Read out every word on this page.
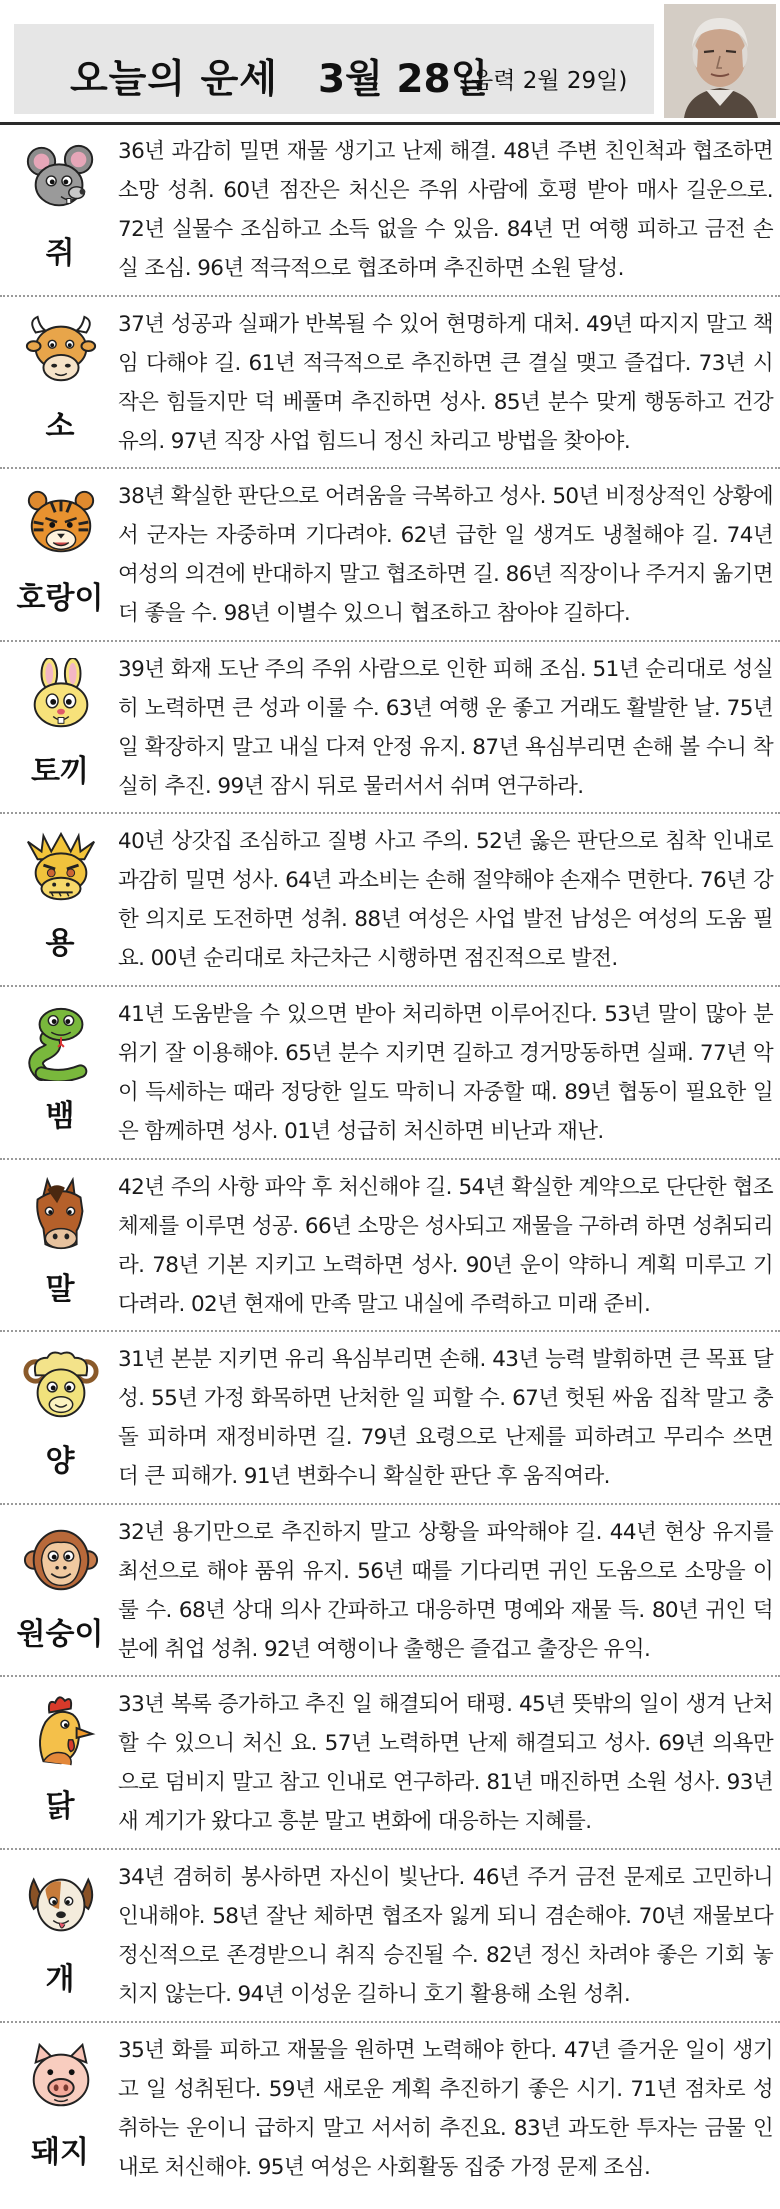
오늘의 운세 3월 28일
(음력 2월 29일)
쥐
36년 과감히 밀면 재물 생기고 난제 해결. 48년 주변 친인척과 협조하면 소망 성취. 60년 점잔은 처신은 주위 사람에 호평 받아 매사 길운으로. 72년 실물수 조심하고 소득 없을 수 있음. 84년 먼 여행 피하고 금전 손실 조심. 96년 적극적으로 협조하며 추진하면 소원 달성.
소
37년 성공과 실패가 반복될 수 있어 현명하게 대처. 49년 따지지 말고 책임 다해야 길. 61년 적극적으로 추진하면 큰 결실 맺고 즐겁다. 73년 시작은 힘들지만 덕 베풀며 추진하면 성사. 85년 분수 맞게 행동하고 건강 유의. 97년 직장 사업 힘드니 정신 차리고 방법을 찾아야.
호랑이
38년 확실한 판단으로 어려움을 극복하고 성사. 50년 비정상적인 상황에서 군자는 자중하며 기다려야. 62년 급한 일 생겨도 냉철해야 길. 74년 여성의 의견에 반대하지 말고 협조하면 길. 86년 직장이나 주거지 옮기면 더 좋을 수. 98년 이별수 있으니 협조하고 참아야 길하다.
토끼
39년 화재 도난 주의 주위 사람으로 인한 피해 조심. 51년 순리대로 성실히 노력하면 큰 성과 이룰 수. 63년 여행 운 좋고 거래도 활발한 날. 75년 일 확장하지 말고 내실 다져 안정 유지. 87년 욕심부리면 손해 볼 수니 착실히 추진. 99년 잠시 뒤로 물러서서 쉬며 연구하라.
용
40년 상갓집 조심하고 질병 사고 주의. 52년 옳은 판단으로 침착 인내로 과감히 밀면 성사. 64년 과소비는 손해 절약해야 손재수 면한다. 76년 강한 의지로 도전하면 성취. 88년 여성은 사업 발전 남성은 여성의 도움 필요. 00년 순리대로 차근차근 시행하면 점진적으로 발전.
뱀
41년 도움받을 수 있으면 받아 처리하면 이루어진다. 53년 말이 많아 분위기 잘 이용해야. 65년 분수 지키면 길하고 경거망동하면 실패. 77년 악이 득세하는 때라 정당한 일도 막히니 자중할 때. 89년 협동이 필요한 일은 함께하면 성사. 01년 성급히 처신하면 비난과 재난.
말
42년 주의 사항 파악 후 처신해야 길. 54년 확실한 계약으로 단단한 협조체제를 이루면 성공. 66년 소망은 성사되고 재물을 구하려 하면 성취되리라. 78년 기본 지키고 노력하면 성사. 90년 운이 약하니 계획 미루고 기다려라. 02년 현재에 만족 말고 내실에 주력하고 미래 준비.
양
31년 본분 지키면 유리 욕심부리면 손해. 43년 능력 발휘하면 큰 목표 달성. 55년 가정 화목하면 난처한 일 피할 수. 67년 헛된 싸움 집착 말고 충돌 피하며 재정비하면 길. 79년 요령으로 난제를 피하려고 무리수 쓰면 더 큰 피해가. 91년 변화수니 확실한 판단 후 움직여라.
원숭이
32년 용기만으로 추진하지 말고 상황을 파악해야 길. 44년 현상 유지를 최선으로 해야 품위 유지. 56년 때를 기다리면 귀인 도움으로 소망을 이룰 수. 68년 상대 의사 간파하고 대응하면 명예와 재물 득. 80년 귀인 덕분에 취업 성취. 92년 여행이나 출행은 즐겁고 출장은 유익.
닭
33년 복록 증가하고 추진 일 해결되어 태평. 45년 뜻밖의 일이 생겨 난처할 수 있으니 처신 요. 57년 노력하면 난제 해결되고 성사. 69년 의욕만으로 덤비지 말고 참고 인내로 연구하라. 81년 매진하면 소원 성사. 93년 새 계기가 왔다고 흥분 말고 변화에 대응하는 지혜를.
개
34년 겸허히 봉사하면 자신이 빛난다. 46년 주거 금전 문제로 고민하니 인내해야. 58년 잘난 체하면 협조자 잃게 되니 겸손해야. 70년 재물보다 정신적으로 존경받으니 취직 승진될 수. 82년 정신 차려야 좋은 기회 놓치지 않는다. 94년 이성운 길하니 호기 활용해 소원 성취.
돼지
35년 화를 피하고 재물을 원하면 노력해야 한다. 47년 즐거운 일이 생기고 일 성취된다. 59년 새로운 계획 추진하기 좋은 시기. 71년 점차로 성취하는 운이니 급하지 말고 서서히 추진요. 83년 과도한 투자는 금물 인내로 처신해야. 95년 여성은 사회활동 집중 가정 문제 조심.
